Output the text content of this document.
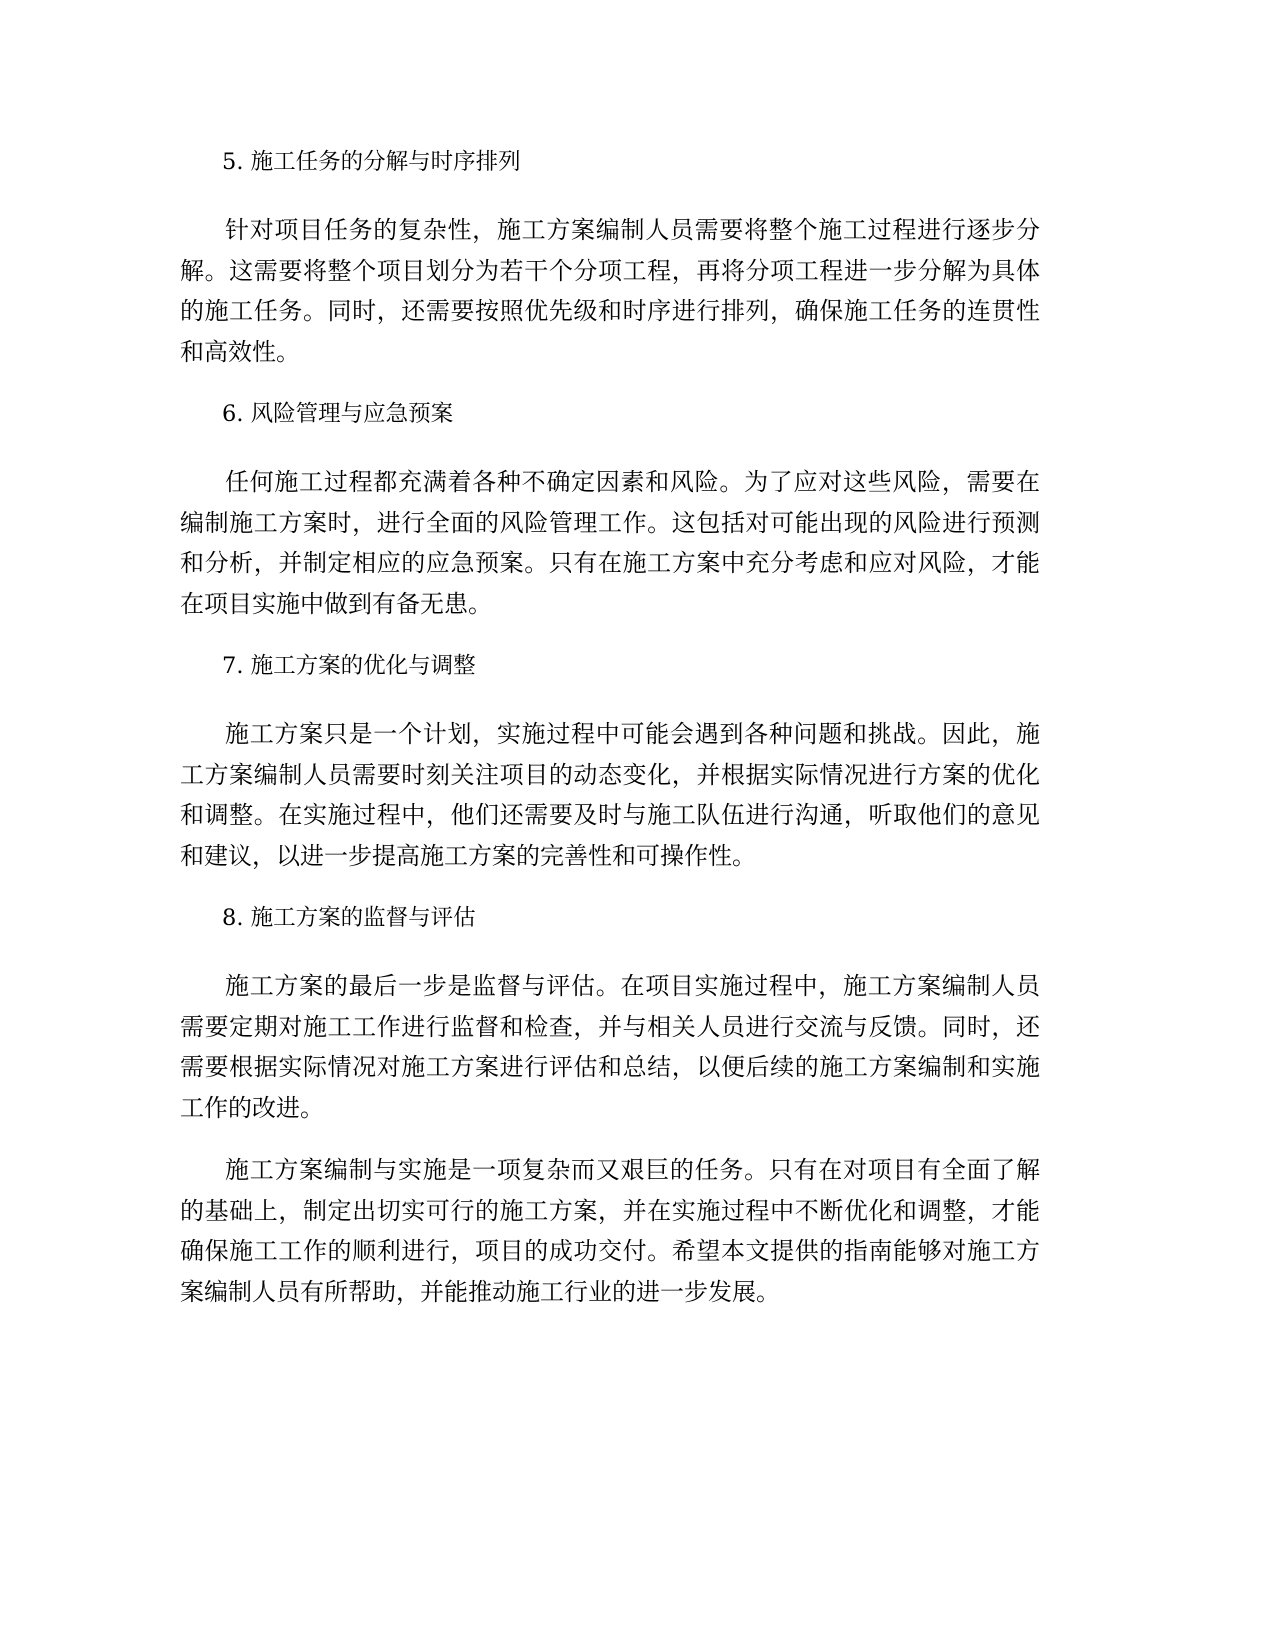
5. 施工任务的分解与时序排列

针对项目任务的复杂性，施工方案编制人员需要将整个施工过程进行逐步分解。这需要将整个项目划分为若干个分项工程，再将分项工程进一步分解为具体的施工任务。同时，还需要按照优先级和时序进行排列，确保施工任务的连贯性和高效性。

6. 风险管理与应急预案

任何施工过程都充满着各种不确定因素和风险。为了应对这些风险，需要在编制施工方案时，进行全面的风险管理工作。这包括对可能出现的风险进行预测和分析，并制定相应的应急预案。只有在施工方案中充分考虑和应对风险，才能在项目实施中做到有备无患。

7. 施工方案的优化与调整

施工方案只是一个计划，实施过程中可能会遇到各种问题和挑战。因此，施工方案编制人员需要时刻关注项目的动态变化，并根据实际情况进行方案的优化和调整。在实施过程中，他们还需要及时与施工队伍进行沟通，听取他们的意见和建议，以进一步提高施工方案的完善性和可操作性。

8. 施工方案的监督与评估

施工方案的最后一步是监督与评估。在项目实施过程中，施工方案编制人员需要定期对施工工作进行监督和检查，并与相关人员进行交流与反馈。同时，还需要根据实际情况对施工方案进行评估和总结，以便后续的施工方案编制和实施工作的改进。

施工方案编制与实施是一项复杂而又艰巨的任务。只有在对项目有全面了解的基础上，制定出切实可行的施工方案，并在实施过程中不断优化和调整，才能确保施工工作的顺利进行，项目的成功交付。希望本文提供的指南能够对施工方案编制人员有所帮助，并能推动施工行业的进一步发展。
